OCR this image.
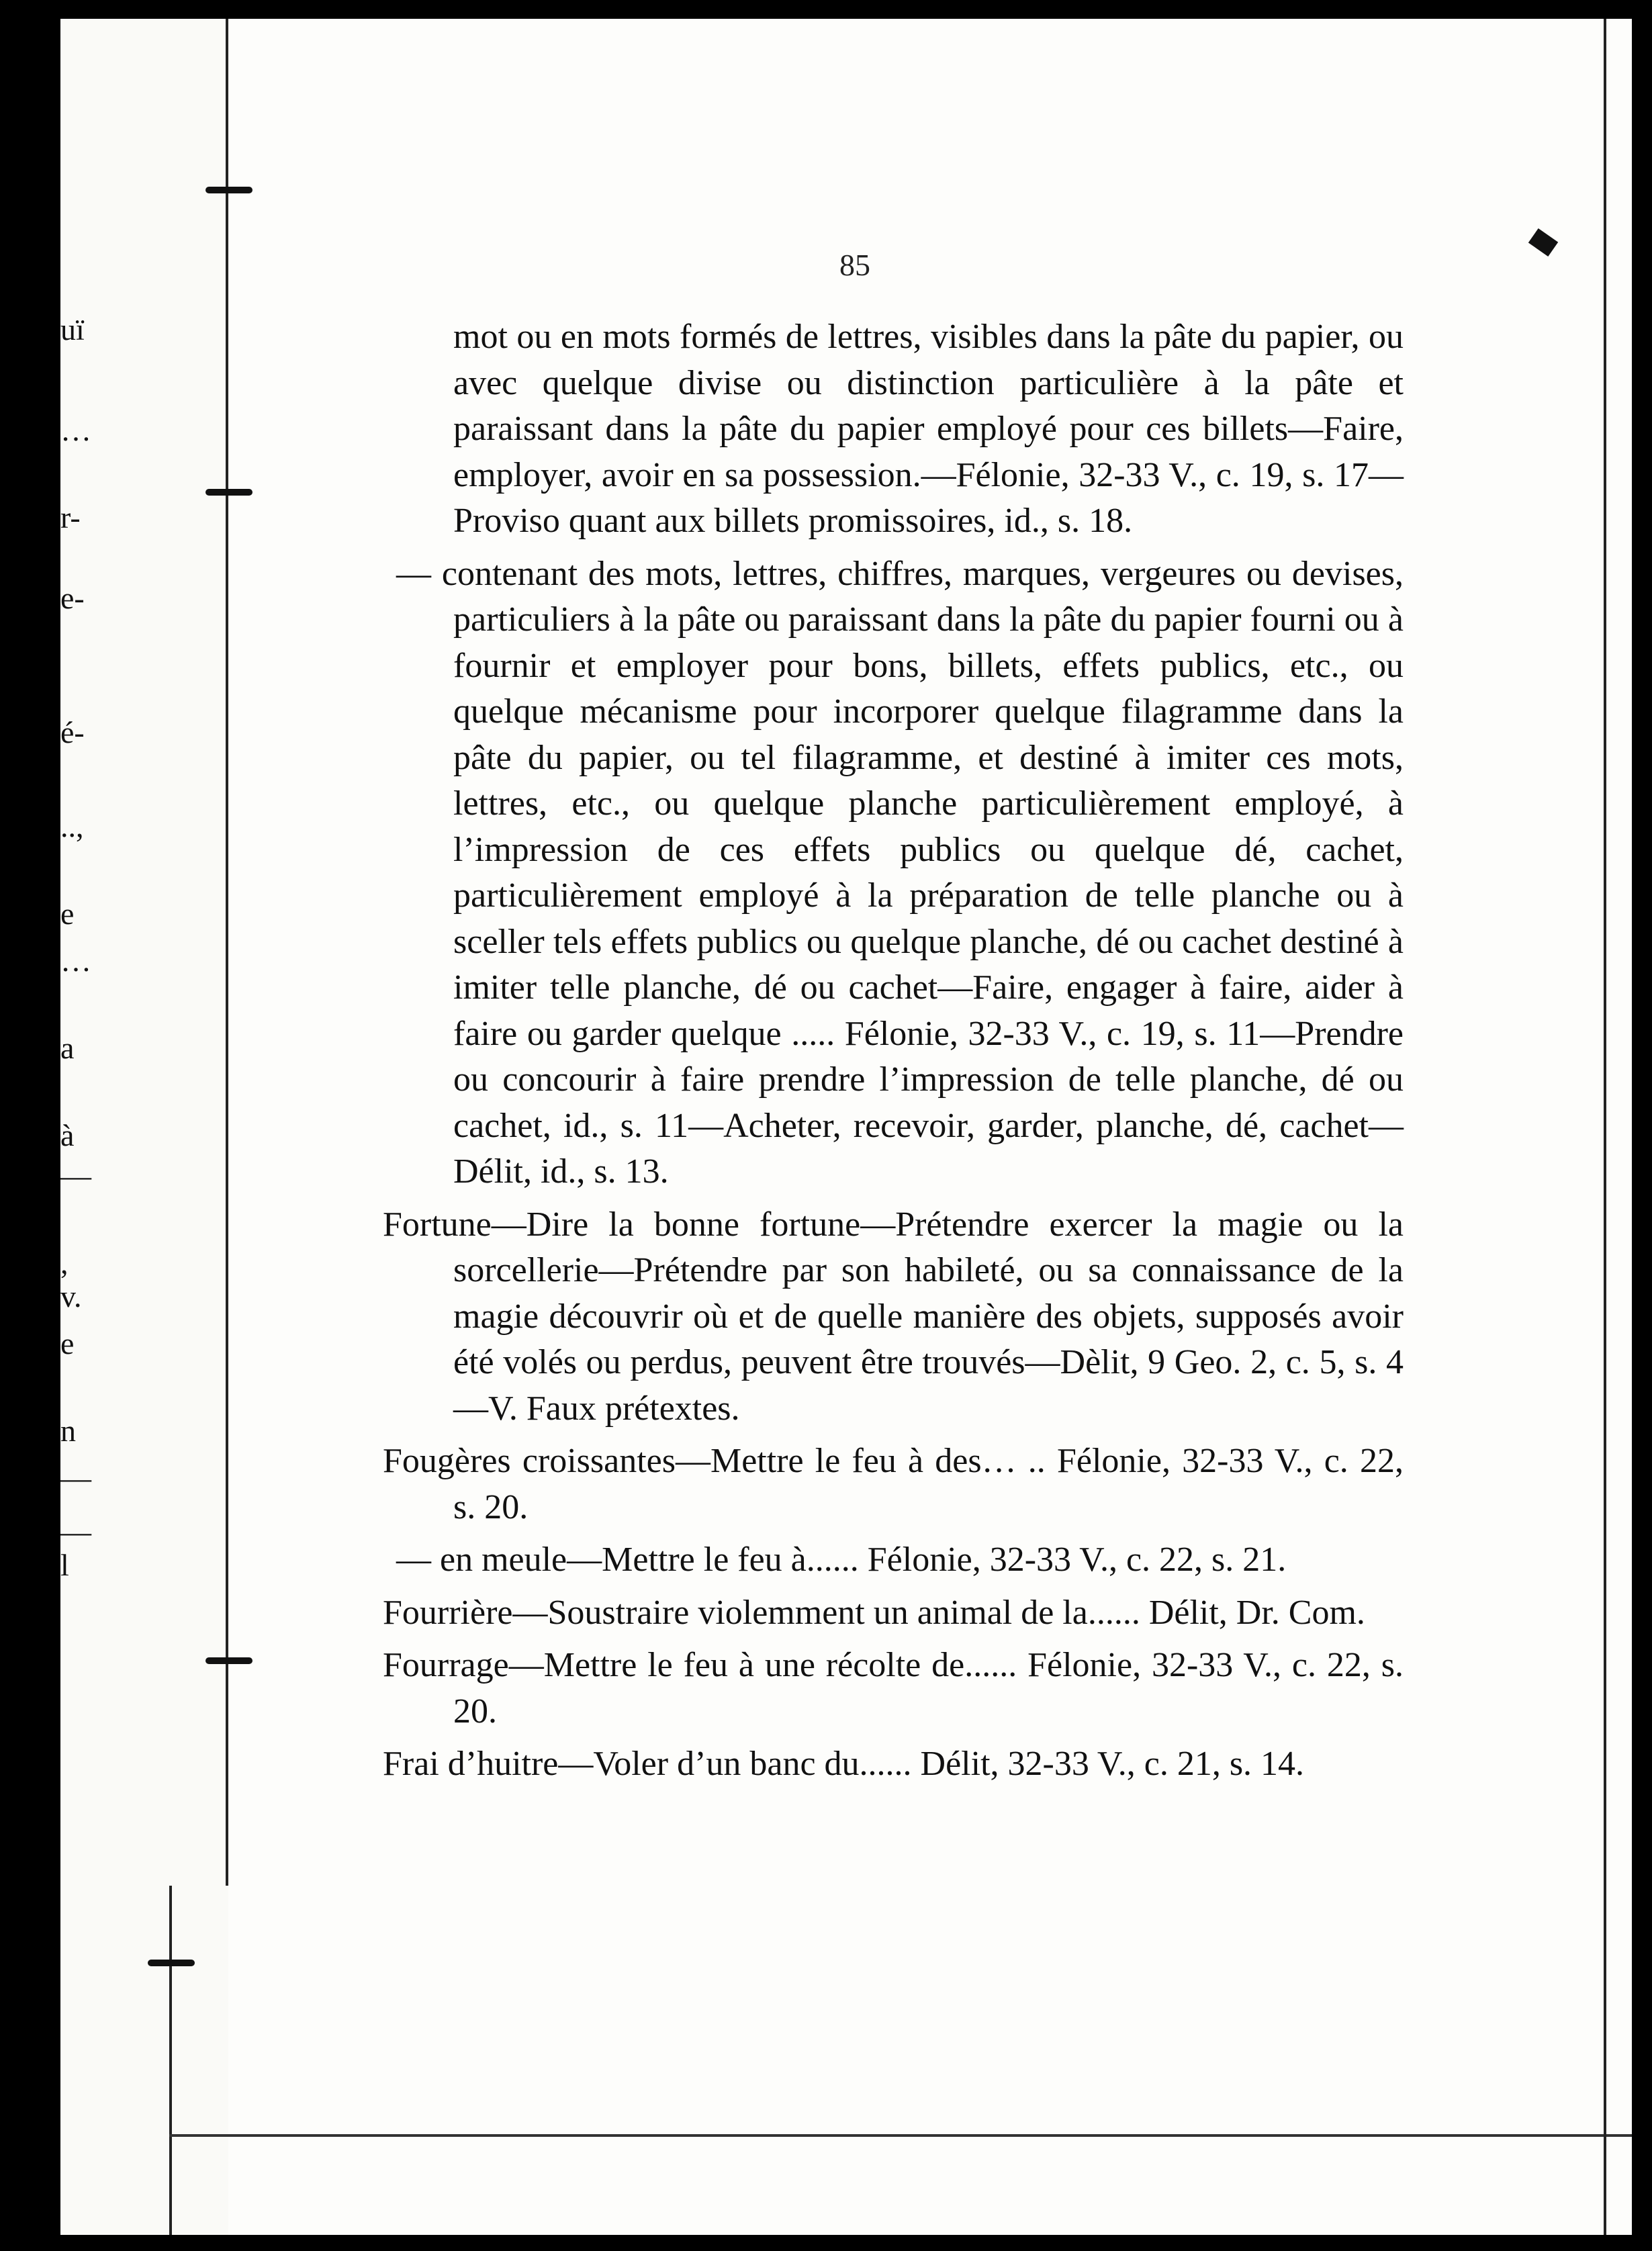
uï
…
r-
e-
é-
..,
e
…
a
à
—
,
v.
e
n
—
—
l

85

mot ou en mots formés de lettres, visibles dans la pâte du papier, ou avec quelque divise ou distinction particulière à la pâte et paraissant dans la pâte du papier employé pour ces billets—Faire, employer, avoir en sa possession.—Félonie, 32-33 V., c. 19, s. 17—Proviso quant aux billets promissoires, id., s. 18.

— contenant des mots, lettres, chiffres, marques, vergeures ou devises, particuliers à la pâte ou paraissant dans la pâte du papier fourni ou à fournir et employer pour bons, billets, effets publics, etc., ou quelque mécanisme pour incorporer quelque filagramme dans la pâte du papier, ou tel filagramme, et destiné à imiter ces mots, lettres, etc., ou quelque planche particulièrement employé, à l’impression de ces effets publics ou quelque dé, cachet, particulièrement employé à la préparation de telle planche ou à sceller tels effets publics ou quelque planche, dé ou cachet destiné à imiter telle planche, dé ou cachet—Faire, engager à faire, aider à faire ou garder quelque ..... Félonie, 32-33 V., c. 19, s. 11—Prendre ou concourir à faire prendre l’impression de telle planche, dé ou cachet, id., s. 11—Acheter, recevoir, garder, planche, dé, cachet—Délit, id., s. 13.

Fortune—Dire la bonne fortune—Prétendre exercer la magie ou la sorcellerie—Prétendre par son habileté, ou sa connaissance de la magie découvrir où et de quelle manière des objets, supposés avoir été volés ou perdus, peuvent être trouvés—Dèlit, 9 Geo. 2, c. 5, s. 4—V. Faux prétextes.

Fougères croissantes—Mettre le feu à des… .. Félonie, 32-33 V., c. 22, s. 20.

— en meule—Mettre le feu à...... Félonie, 32-33 V., c. 22, s. 21.

Fourrière—Soustraire violemment un animal de la...... Délit, Dr. Com.

Fourrage—Mettre le feu à une récolte de...... Félonie, 32-33 V., c. 22, s. 20.

Frai d’huitre—Voler d’un banc du...... Délit, 32-33 V., c. 21, s. 14.
